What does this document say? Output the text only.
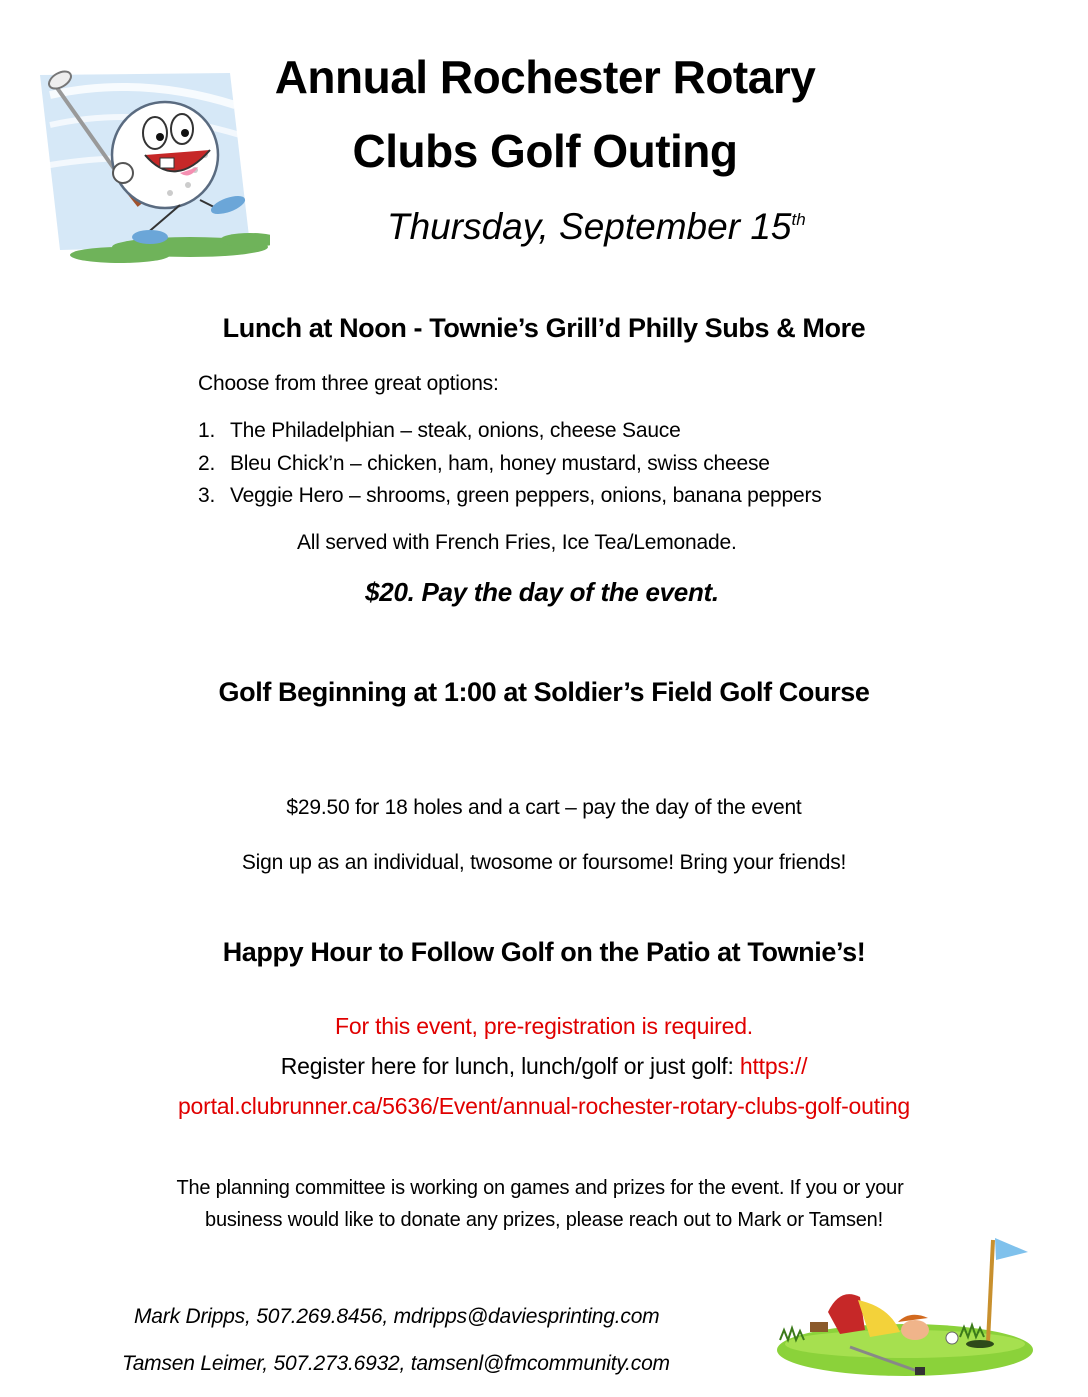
Annual Rochester Rotary
Clubs Golf Outing
Thursday, September 15th
Lunch at Noon - Townie’s Grill’d Philly Subs & More
Choose from three great options:
1. The Philadelphian – steak, onions, cheese Sauce
2. Bleu Chick’n – chicken, ham, honey mustard, swiss cheese
3. Veggie Hero – shrooms, green peppers, onions, banana peppers
All served with French Fries, Ice Tea/Lemonade.
$20. Pay the day of the event.
Golf Beginning at 1:00 at Soldier’s Field Golf Course
$29.50 for 18 holes and a cart – pay the day of the event
Sign up as an individual, twosome or foursome! Bring your friends!
Happy Hour to Follow Golf on the Patio at Townie’s!
For this event, pre-registration is required.
Register here for lunch, lunch/golf or just golf: https://
portal.clubrunner.ca/5636/Event/annual-rochester-rotary-clubs-golf-outing
The planning committee is working on games and prizes for the event. If you or your
business would like to donate any prizes, please reach out to Mark or Tamsen!
Mark Dripps, 507.269.8456, mdripps@daviesprinting.com
Tamsen Leimer, 507.273.6932, tamsenl@fmcommunity.com
